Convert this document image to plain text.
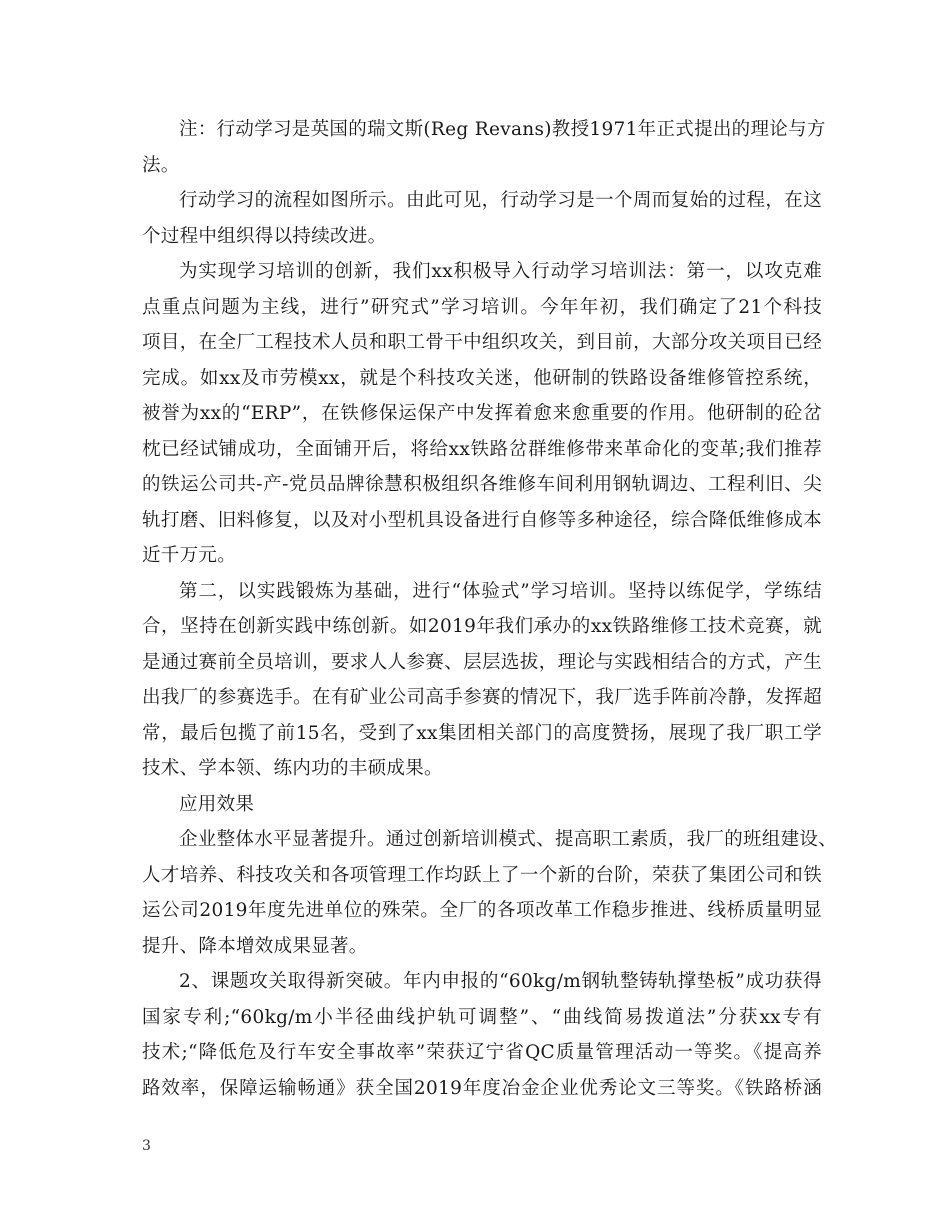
注：行动学习是英国的瑞文斯(Reg Revans)教授1971年正式提出的理论与方
法。
行动学习的流程如图所示。由此可见，行动学习是一个周而复始的过程，在这
个过程中组织得以持续改进。
为实现学习培训的创新，我们xx积极导入行动学习培训法：第一，以攻克难
点重点问题为主线，进行”研究式”学习培训。今年年初，我们确定了21个科技
项目，在全厂工程技术人员和职工骨干中组织攻关，到目前，大部分攻关项目已经
完成。如xx及市劳模xx，就是个科技攻关迷，他研制的铁路设备维修管控系统，
被誉为xx的“ERP”，在铁修保运保产中发挥着愈来愈重要的作用。他研制的砼岔
枕已经试铺成功，全面铺开后，将给xx铁路岔群维修带来革命化的变革;我们推荐
的铁运公司共-产-党员品牌徐慧积极组织各维修车间利用钢轨调边、工程利旧、尖
轨打磨、旧料修复，以及对小型机具设备进行自修等多种途径，综合降低维修成本
近千万元。
第二，以实践锻炼为基础，进行“体验式”学习培训。坚持以练促学，学练结
合，坚持在创新实践中练创新。如2019年我们承办的xx铁路维修工技术竞赛，就
是通过赛前全员培训，要求人人参赛、层层选拔，理论与实践相结合的方式，产生
出我厂的参赛选手。在有矿业公司高手参赛的情况下，我厂选手阵前冷静，发挥超
常，最后包揽了前15名，受到了xx集团相关部门的高度赞扬，展现了我厂职工学
技术、学本领、练内功的丰硕成果。
应用效果
企业整体水平显著提升。通过创新培训模式、提高职工素质，我厂的班组建设、
人才培养、科技攻关和各项管理工作均跃上了一个新的台阶，荣获了集团公司和铁
运公司2019年度先进单位的殊荣。全厂的各项改革工作稳步推进、线桥质量明显
提升、降本增效成果显著。
2、课题攻关取得新突破。年内申报的“60kg/m钢轨整铸轨撑垫板”成功获得
国家专利;“60kg/m小半径曲线护轨可调整”、“曲线简易拨道法”分获xx专有
技术;“降低危及行车安全事故率”荣获辽宁省QC质量管理活动一等奖。《提高养
路效率，保障运输畅通》获全国2019年度冶金企业优秀论文三等奖。《铁路桥涵
3
